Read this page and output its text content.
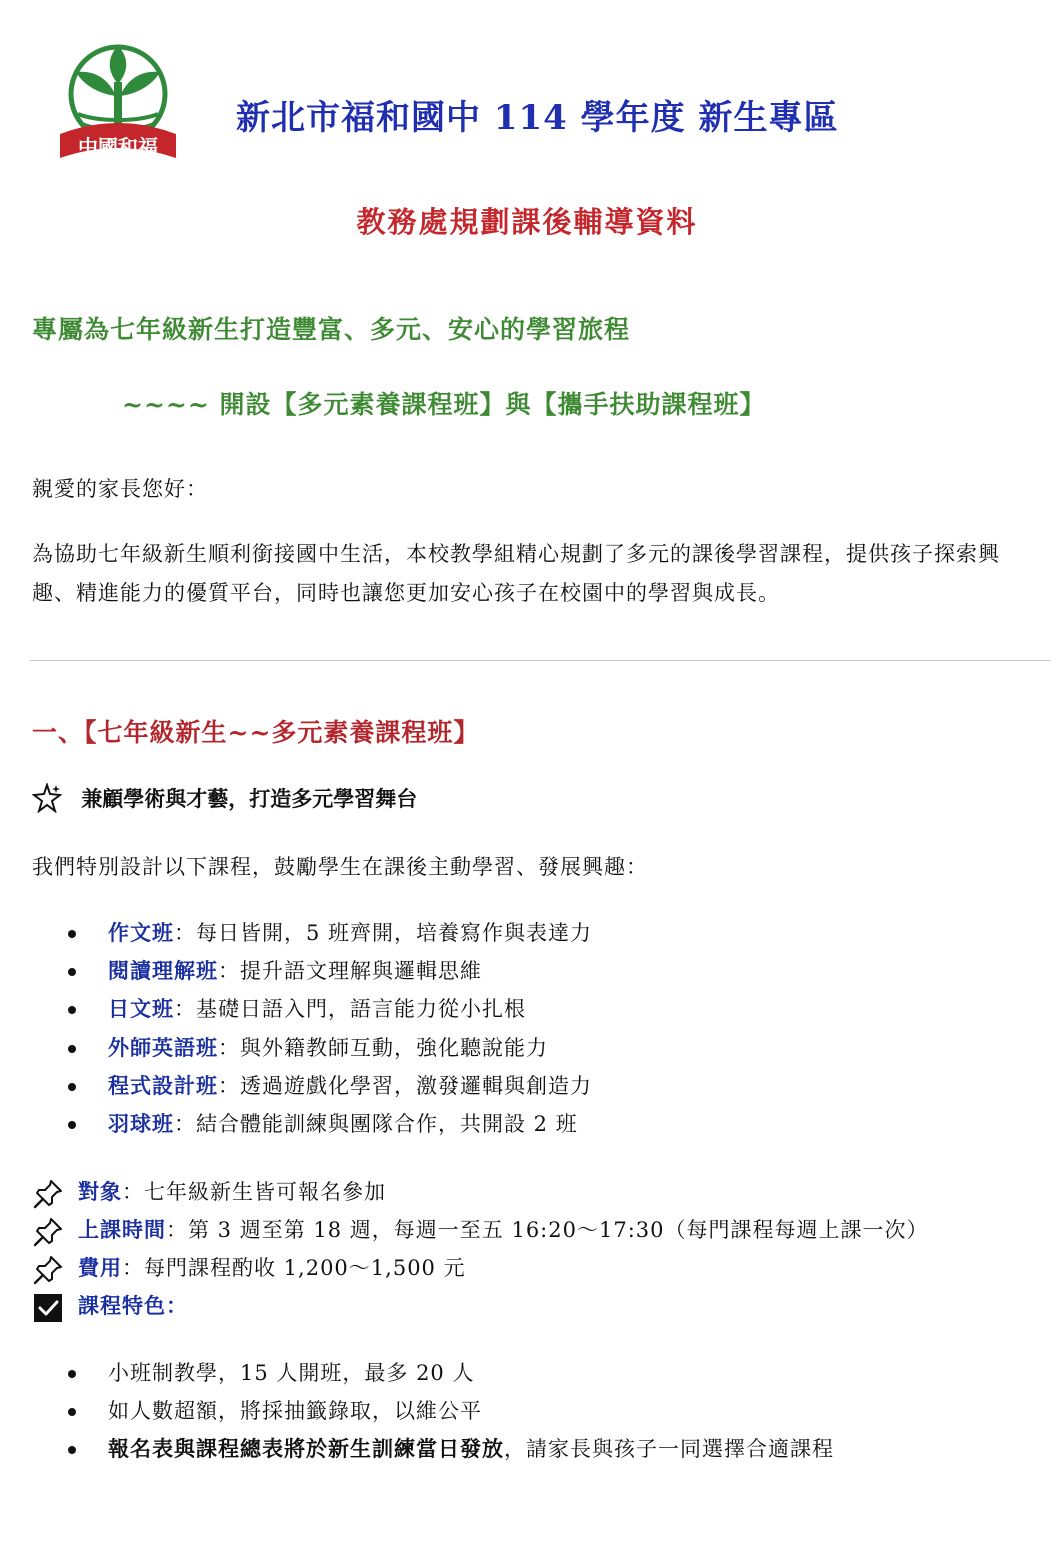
中國和福
新北市福和國中 114 學年度 新生專區
教務處規劃課後輔導資料
專屬為七年級新生打造豐富、多元、安心的學習旅程
~~~~ 開設【多元素養課程班】與【攜手扶助課程班】
親愛的家長您好：
為協助七年級新生順利銜接國中生活，本校教學組精心規劃了多元的課後學習課程，提供孩子探索興趣、精進能力的優質平台，同時也讓您更加安心孩子在校園中的學習與成長。
一、【七年級新生~~多元素養課程班】
兼顧學術與才藝，打造多元學習舞台
我們特別設計以下課程，鼓勵學生在課後主動學習、發展興趣：
作文班：每日皆開，5 班齊開，培養寫作與表達力
閱讀理解班：提升語文理解與邏輯思維
日文班：基礎日語入門，語言能力從小扎根
外師英語班：與外籍教師互動，強化聽說能力
程式設計班：透過遊戲化學習，激發邏輯與創造力
羽球班：結合體能訓練與團隊合作，共開設 2 班
對象：七年級新生皆可報名參加
上課時間：第 3 週至第 18 週，每週一至五 16:20～17:30（每門課程每週上課一次）
費用：每門課程酌收 1,200～1,500 元
課程特色：
小班制教學，15 人開班，最多 20 人
如人數超額，將採抽籤錄取，以維公平
報名表與課程總表將於新生訓練當日發放，請家長與孩子一同選擇合適課程
